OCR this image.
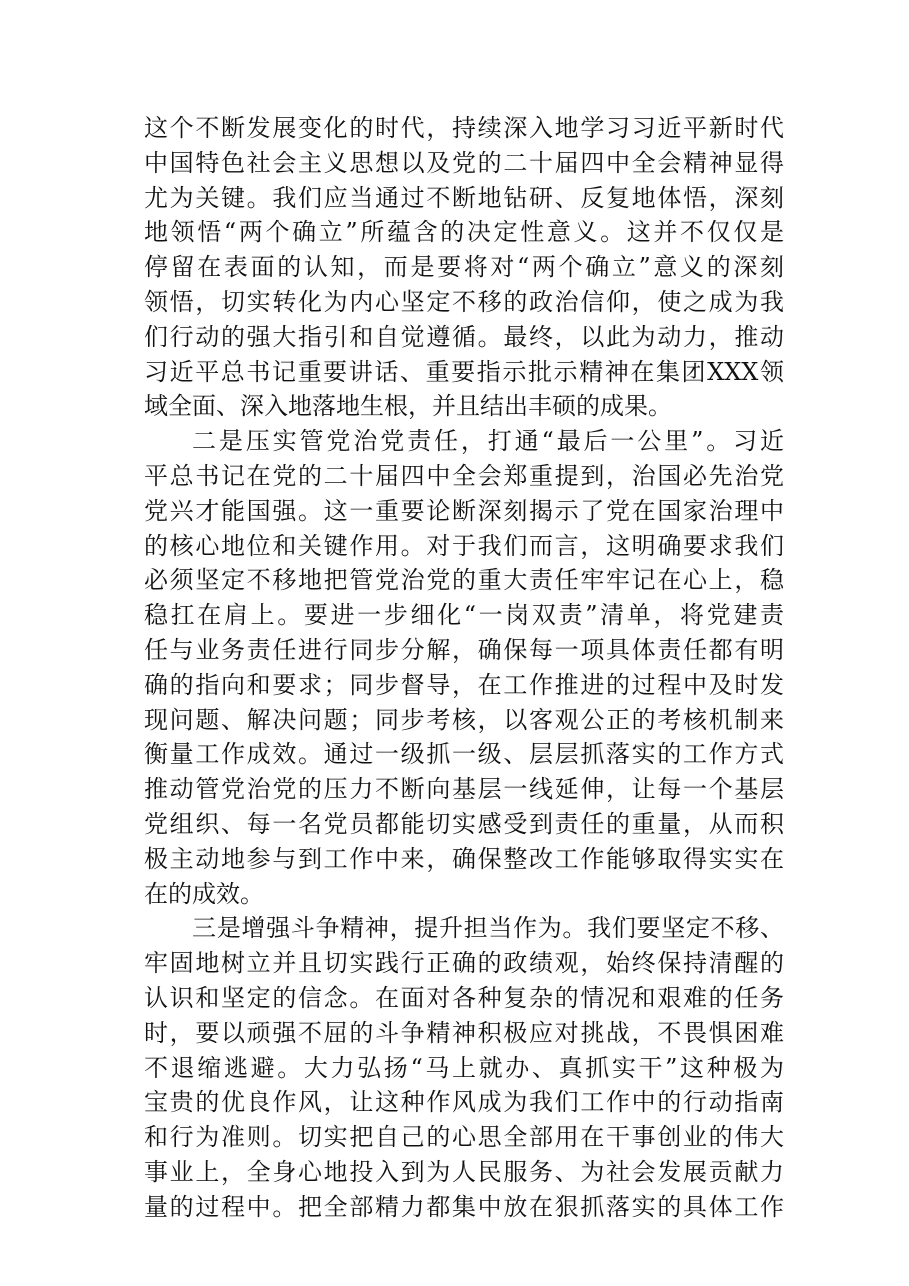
这个不断发展变化的时代，持续深入地学习习近平新时代
中国特色社会主义思想以及党的二十届四中全会精神显得
尤为关键。我们应当通过不断地钻研、反复地体悟，深刻
地领悟“两个确立”所蕴含的决定性意义。这并不仅仅是
停留在表面的认知，而是要将对“两个确立”意义的深刻
领悟，切实转化为内心坚定不移的政治信仰，使之成为我
们行动的强大指引和自觉遵循。最终，以此为动力，推动
习近平总书记重要讲话、重要指示批示精神在集团XXX领
域全面、深入地落地生根，并且结出丰硕的成果。
二是压实管党治党责任，打通“最后一公里”。习近
平总书记在党的二十届四中全会郑重提到，治国必先治党
党兴才能国强。这一重要论断深刻揭示了党在国家治理中
的核心地位和关键作用。对于我们而言，这明确要求我们
必须坚定不移地把管党治党的重大责任牢牢记在心上，稳
稳扛在肩上。要进一步细化“一岗双责”清单，将党建责
任与业务责任进行同步分解，确保每一项具体责任都有明
确的指向和要求；同步督导，在工作推进的过程中及时发
现问题、解决问题；同步考核，以客观公正的考核机制来
衡量工作成效。通过一级抓一级、层层抓落实的工作方式
推动管党治党的压力不断向基层一线延伸，让每一个基层
党组织、每一名党员都能切实感受到责任的重量，从而积
极主动地参与到工作中来，确保整改工作能够取得实实在
在的成效。
三是增强斗争精神，提升担当作为。我们要坚定不移、
牢固地树立并且切实践行正确的政绩观，始终保持清醒的
认识和坚定的信念。在面对各种复杂的情况和艰难的任务
时，要以顽强不屈的斗争精神积极应对挑战，不畏惧困难
不退缩逃避。大力弘扬“马上就办、真抓实干”这种极为
宝贵的优良作风，让这种作风成为我们工作中的行动指南
和行为准则。切实把自己的心思全部用在干事创业的伟大
事业上，全身心地投入到为人民服务、为社会发展贡献力
量的过程中。把全部精力都集中放在狠抓落实的具体工作
